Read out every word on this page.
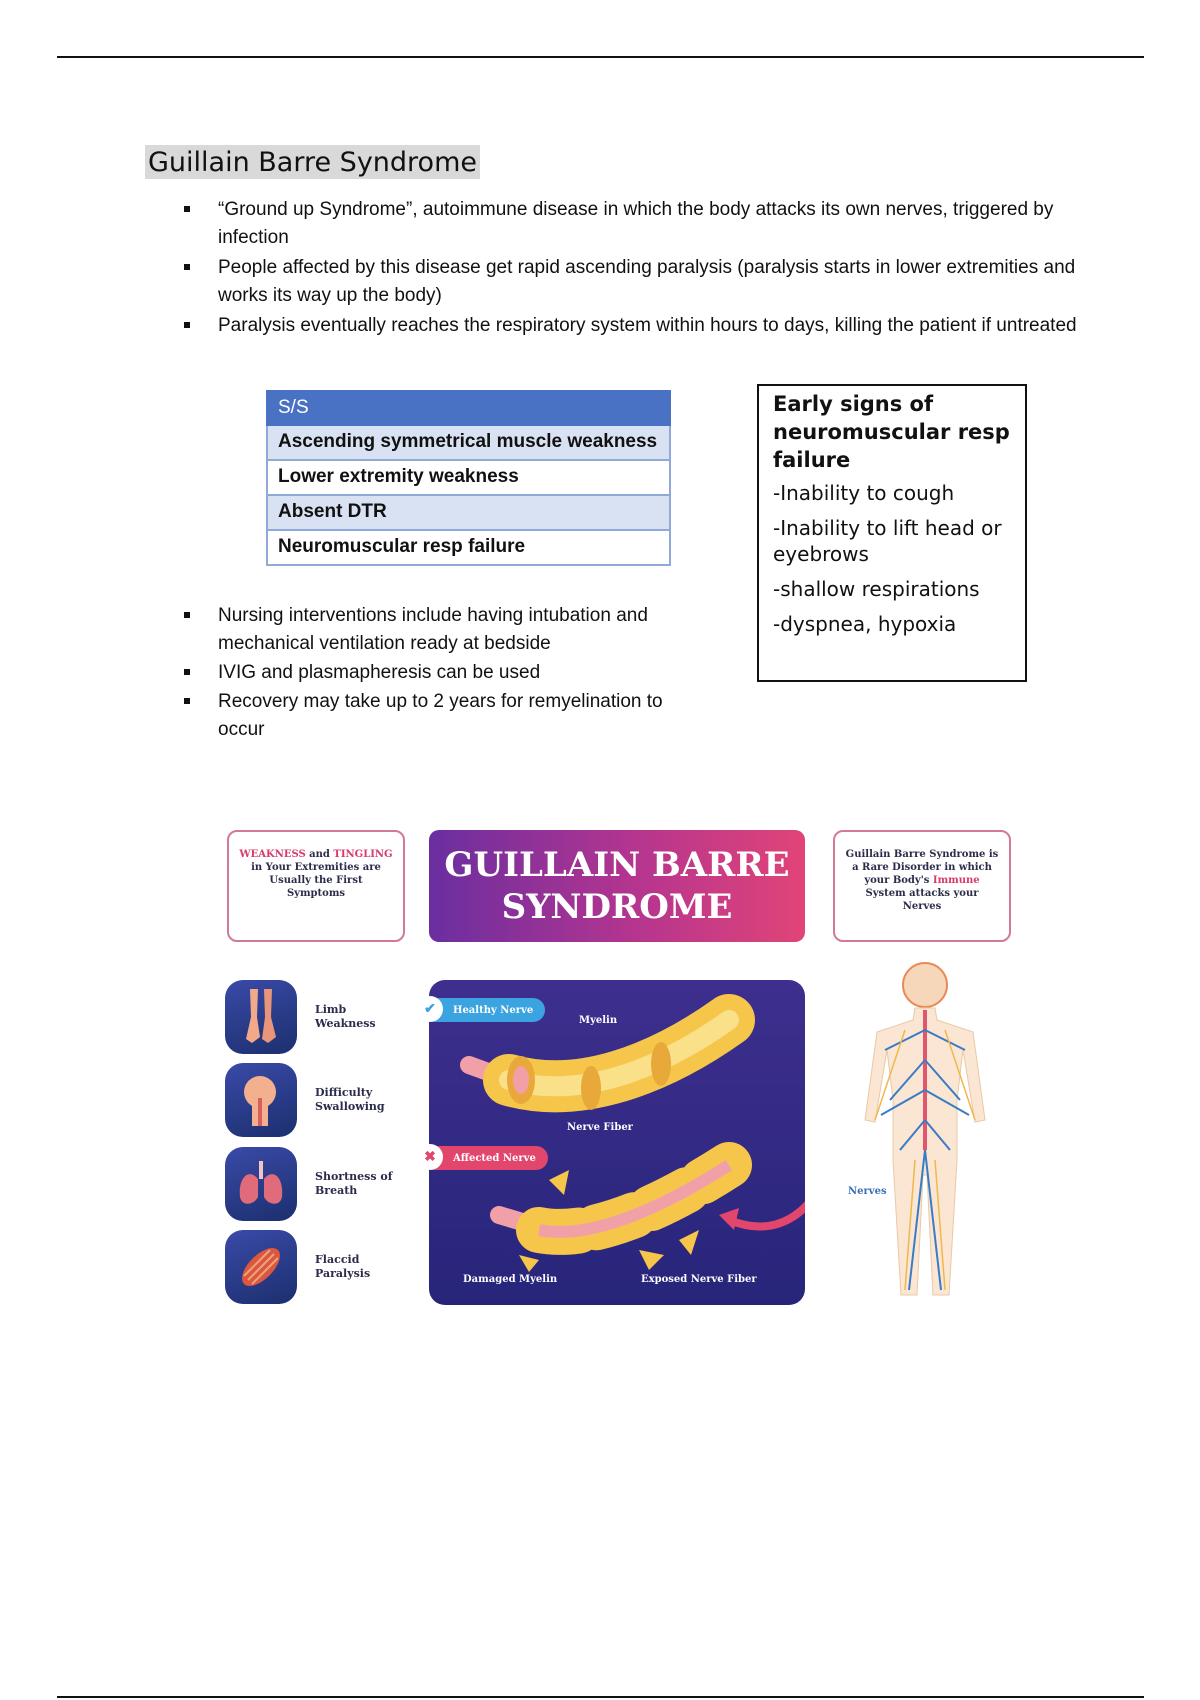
Guillain Barre Syndrome
“Ground up Syndrome”, autoimmune disease in which the body attacks its own nerves, triggered by infection
People affected by this disease get rapid ascending paralysis (paralysis starts in lower extremities and works its way up the body)
Paralysis eventually reaches the respiratory system within hours to days, killing the patient if untreated
S/S
Ascending symmetrical muscle weakness
Lower extremity weakness
Absent DTR
Neuromuscular resp failure
Early signs of neuromuscular resp failure

-Inability to cough

-Inability to lift head or eyebrows

-shallow respirations

-dyspnea, hypoxia

Nursing interventions include having intubation and mechanical ventilation ready at bedside
IVIG and plasmapheresis can be used
Recovery may take up to 2 years for remyelination to occur
WEAKNESS and TINGLING in Your Extremities are Usually the First Symptoms
GUILLAIN BARRE SYNDROME
Guillain Barre Syndrome is a Rare Disorder in which your Body's Immune System attacks your Nerves
Limb Weakness
Difficulty Swallowing
Shortness of Breath
Flaccid Paralysis
✔	Healthy Nerve
Myelin
Nerve Fiber
✖	Affected Nerve
Damaged Myelin	Exposed Nerve Fiber
Nerves
